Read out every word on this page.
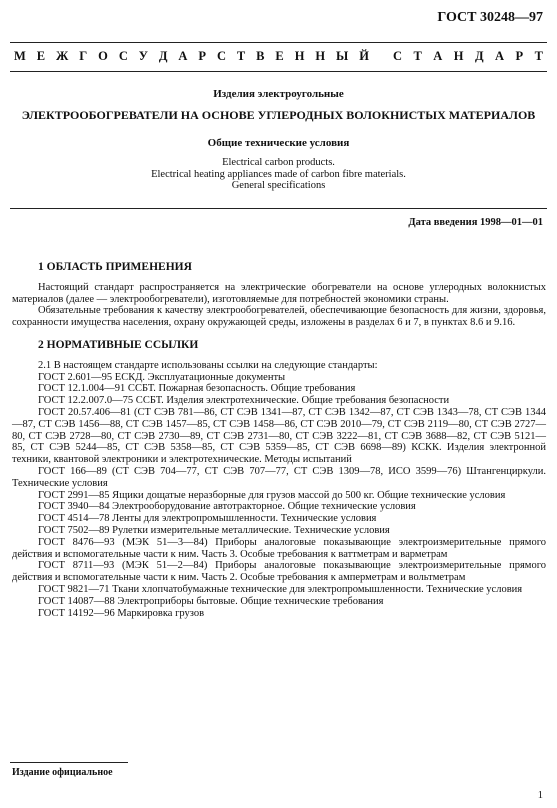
ГОСТ 30248—97
М Е Ж Г О С У Д А Р С Т В Е Н Н Ы Й С Т А Н Д А Р Т
Изделия электроугольные
ЭЛЕКТРООБОГРЕВАТЕЛИ НА ОСНОВЕ УГЛЕРОДНЫХ ВОЛОКНИСТЫХ МАТЕРИАЛОВ
Общие технические условия
Electrical carbon products.
Electrical heating appliances made of carbon fibre materials.
General specifications
Дата введения 1998—01—01
1 ОБЛАСТЬ ПРИМЕНЕНИЯ

Настоящий стандарт распространяется на электрические обогреватели на основе углеродных волокнистых материалов (далее — электрообогреватели), изготовляемые для потребностей экономики страны.

Обязательные требования к качеству электрообогревателей, обеспечивающие безопасность для жизни, здоровья, сохранности имущества населения, охрану окружающей среды, изложены в разделах 6 и 7, в пунктах 8.6 и 9.16.

2 НОРМАТИВНЫЕ ССЫЛКИ

2.1 В настоящем стандарте использованы ссылки на следующие стандарты:

ГОСТ 2.601—95 ЕСКД. Эксплуатационные документы

ГОСТ 12.1.004—91 ССБТ. Пожарная безопасность. Общие требования

ГОСТ 12.2.007.0—75 ССБТ. Изделия электротехнические. Общие требования безопасности

ГОСТ 20.57.406—81 (СТ СЭВ 781—86, СТ СЭВ 1341—87, СТ СЭВ 1342—87, СТ СЭВ 1343—78, СТ СЭВ 1344—87, СТ СЭВ 1456—88, СТ СЭВ 1457—85, СТ СЭВ 1458—86, СТ СЭВ 2010—79, СТ СЭВ 2119—80, СТ СЭВ 2727—80, СТ СЭВ 2728—80, СТ СЭВ 2730—89, СТ СЭВ 2731—80, СТ СЭВ 3222—81, СТ СЭВ 3688—82, СТ СЭВ 5121—85, СТ СЭВ 5244—85, СТ СЭВ 5358—85, СТ СЭВ 5359—85, СТ СЭВ 6698—89) КСКК. Изделия электронной техники, квантовой электроники и электротехнические. Методы испытаний

ГОСТ 166—89 (СТ СЭВ 704—77, СТ СЭВ 707—77, СТ СЭВ 1309—78, ИСО 3599—76) Штангенциркули. Технические условия

ГОСТ 2991—85 Ящики дощатые неразборные для грузов массой до 500 кг. Общие технические условия

ГОСТ 3940—84 Электрооборудование автотракторное. Общие технические условия

ГОСТ 4514—78 Ленты для электропромышленности. Технические условия

ГОСТ 7502—89 Рулетки измерительные металлические. Технические условия

ГОСТ 8476—93 (МЭК 51—3—84) Приборы аналоговые показывающие электроизмерительные прямого действия и вспомогательные части к ним. Часть 3. Особые требования к ваттметрам и варметрам

ГОСТ 8711—93 (МЭК 51—2—84) Приборы аналоговые показывающие электроизмерительные прямого действия и вспомогательные части к ним. Часть 2. Особые требования к амперметрам и вольтметрам

ГОСТ 9821—71 Ткани хлопчатобумажные технические для электропромышленности. Технические условия

ГОСТ 14087—88 Электроприборы бытовые. Общие технические требования

ГОСТ 14192—96 Маркировка грузов

Издание официальное
1
